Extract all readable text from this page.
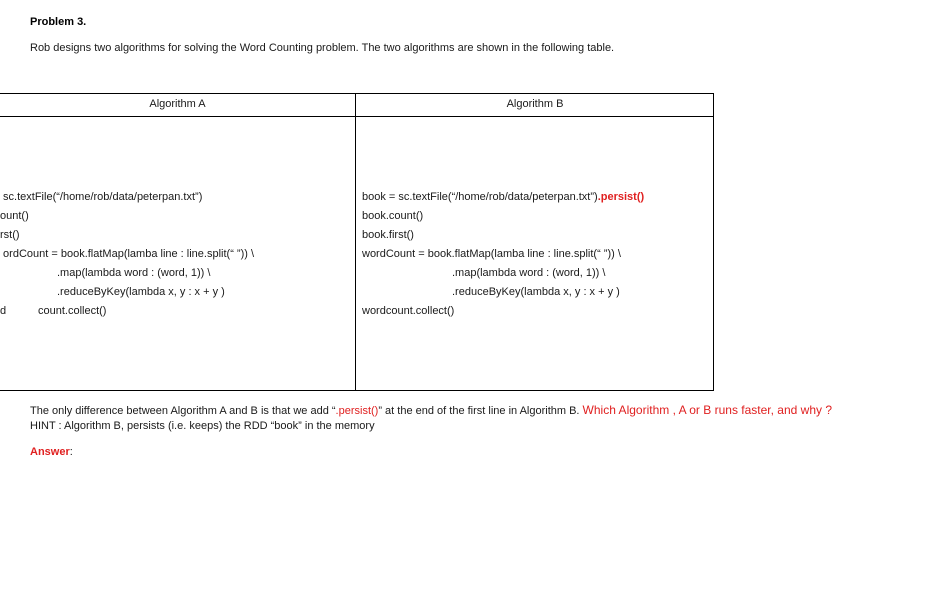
Problem 3.
Rob designs two algorithms for solving the Word Counting problem. The two algorithms are shown in the following table.
Algorithm A	Algorithm B
sc.textFile(“/home/rob/data/peterpan.txt”)
ount()
rst()
ordCount = book.flatMap(lamba line : line.split(“ ”)) \
.map(lambda word : (word, 1)) \
.reduceByKey(lambda x, y : x + y )
d	count.collect()
book = sc.textFile(“/home/rob/data/peterpan.txt”).persist()
book.count()
book.first()
wordCount = book.flatMap(lamba line : line.split(“ ”)) \
.map(lambda word : (word, 1)) \
.reduceByKey(lambda x, y : x + y )
wordcount.collect()
The only difference between Algorithm A and B is that we add “.persist()” at the end of the first line in Algorithm B. Which Algorithm , A or B runs faster, and why ?
HINT : Algorithm B, persists (i.e. keeps) the RDD “book” in the memory
Answer:
